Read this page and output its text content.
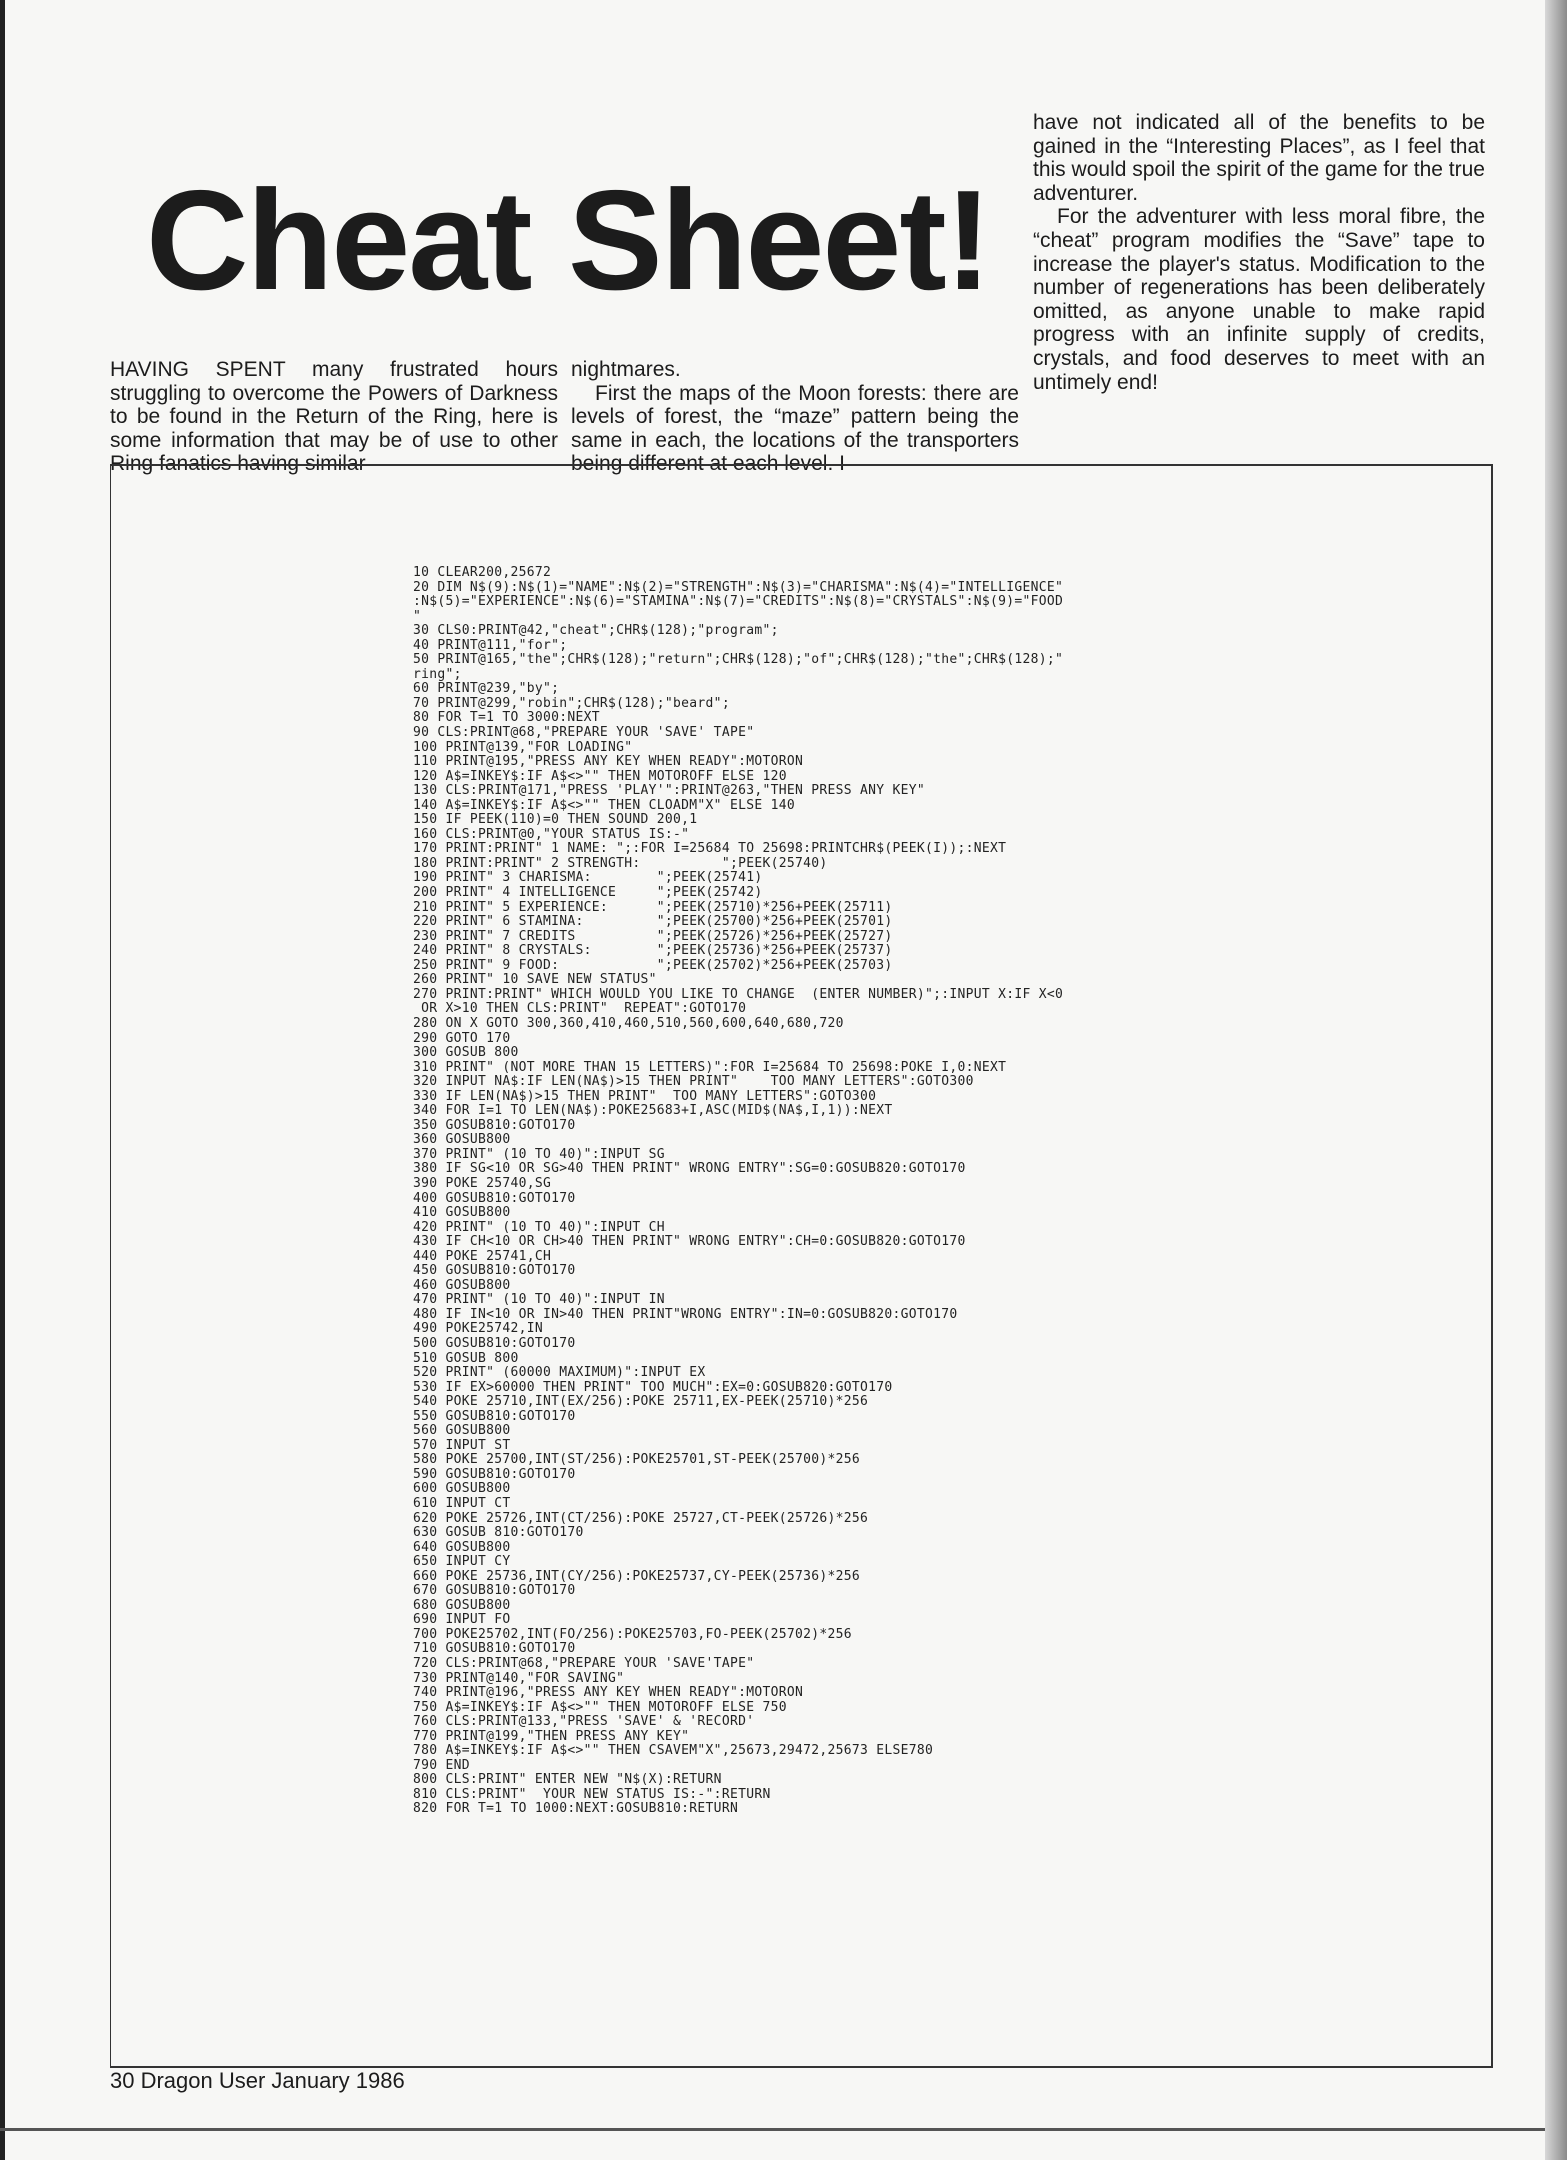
Cheat Sheet!

HAVING SPENT many frustrated hours struggling to overcome the Powers of Darkness to be found in the Return of the Ring, here is some information that may be of use to other Ring fanatics having similar

nightmares.

First the maps of the Moon forests: there are levels of forest, the “maze” pattern being the same in each, the locations of the transporters being different at each level. I

have not indicated all of the benefits to be gained in the “Interesting Places”, as I feel that this would spoil the spirit of the game for the true adventurer.

For the adventurer with less moral fibre, the “cheat” program modifies the “Save” tape to increase the player's status. Modification to the number of regenerations has been deliberately omitted, as anyone unable to make rapid progress with an infinite supply of credits, crystals, and food deserves to meet with an untimely end!

10 CLEAR200,25672
20 DIM N$(9):N$(1)="NAME":N$(2)="STRENGTH":N$(3)="CHARISMA":N$(4)="INTELLIGENCE"
:N$(5)="EXPERIENCE":N$(6)="STAMINA":N$(7)="CREDITS":N$(8)="CRYSTALS":N$(9)="FOOD
"
30 CLS0:PRINT@42,"cheat";CHR$(128);"program";
40 PRINT@111,"for";
50 PRINT@165,"the";CHR$(128);"return";CHR$(128);"of";CHR$(128);"the";CHR$(128);"
ring";
60 PRINT@239,"by";
70 PRINT@299,"robin";CHR$(128);"beard";
80 FOR T=1 TO 3000:NEXT
90 CLS:PRINT@68,"PREPARE YOUR 'SAVE' TAPE"
100 PRINT@139,"FOR LOADING"
110 PRINT@195,"PRESS ANY KEY WHEN READY":MOTORON
120 A$=INKEY$:IF A$<>"" THEN MOTOROFF ELSE 120
130 CLS:PRINT@171,"PRESS 'PLAY'":PRINT@263,"THEN PRESS ANY KEY"
140 A$=INKEY$:IF A$<>"" THEN CLOADM"X" ELSE 140
150 IF PEEK(110)=0 THEN SOUND 200,1
160 CLS:PRINT@0,"YOUR STATUS IS:-"
170 PRINT:PRINT" 1 NAME: ";:FOR I=25684 TO 25698:PRINTCHR$(PEEK(I));:NEXT
180 PRINT:PRINT" 2 STRENGTH:          ";PEEK(25740)
190 PRINT" 3 CHARISMA:        ";PEEK(25741)
200 PRINT" 4 INTELLIGENCE     ";PEEK(25742)
210 PRINT" 5 EXPERIENCE:      ";PEEK(25710)*256+PEEK(25711)
220 PRINT" 6 STAMINA:         ";PEEK(25700)*256+PEEK(25701)
230 PRINT" 7 CREDITS          ";PEEK(25726)*256+PEEK(25727)
240 PRINT" 8 CRYSTALS:        ";PEEK(25736)*256+PEEK(25737)
250 PRINT" 9 FOOD:            ";PEEK(25702)*256+PEEK(25703)
260 PRINT" 10 SAVE NEW STATUS"
270 PRINT:PRINT" WHICH WOULD YOU LIKE TO CHANGE  (ENTER NUMBER)";:INPUT X:IF X<0
OR X>10 THEN CLS:PRINT"  REPEAT":GOTO170
280 ON X GOTO 300,360,410,460,510,560,600,640,680,720
290 GOTO 170
300 GOSUB 800
310 PRINT" (NOT MORE THAN 15 LETTERS)":FOR I=25684 TO 25698:POKE I,0:NEXT
320 INPUT NA$:IF LEN(NA$)>15 THEN PRINT"    TOO MANY LETTERS":GOTO300
330 IF LEN(NA$)>15 THEN PRINT"  TOO MANY LETTERS":GOTO300
340 FOR I=1 TO LEN(NA$):POKE25683+I,ASC(MID$(NA$,I,1)):NEXT
350 GOSUB810:GOTO170
360 GOSUB800
370 PRINT" (10 TO 40)":INPUT SG
380 IF SG<10 OR SG>40 THEN PRINT" WRONG ENTRY":SG=0:GOSUB820:GOTO170
390 POKE 25740,SG
400 GOSUB810:GOTO170
410 GOSUB800
420 PRINT" (10 TO 40)":INPUT CH
430 IF CH<10 OR CH>40 THEN PRINT" WRONG ENTRY":CH=0:GOSUB820:GOTO170
440 POKE 25741,CH
450 GOSUB810:GOTO170
460 GOSUB800
470 PRINT" (10 TO 40)":INPUT IN
480 IF IN<10 OR IN>40 THEN PRINT"WRONG ENTRY":IN=0:GOSUB820:GOTO170
490 POKE25742,IN
500 GOSUB810:GOTO170
510 GOSUB 800
520 PRINT" (60000 MAXIMUM)":INPUT EX
530 IF EX>60000 THEN PRINT" TOO MUCH":EX=0:GOSUB820:GOTO170
540 POKE 25710,INT(EX/256):POKE 25711,EX-PEEK(25710)*256
550 GOSUB810:GOTO170
560 GOSUB800
570 INPUT ST
580 POKE 25700,INT(ST/256):POKE25701,ST-PEEK(25700)*256
590 GOSUB810:GOTO170
600 GOSUB800
610 INPUT CT
620 POKE 25726,INT(CT/256):POKE 25727,CT-PEEK(25726)*256
630 GOSUB 810:GOTO170
640 GOSUB800
650 INPUT CY
660 POKE 25736,INT(CY/256):POKE25737,CY-PEEK(25736)*256
670 GOSUB810:GOTO170
680 GOSUB800
690 INPUT FO
700 POKE25702,INT(FO/256):POKE25703,FO-PEEK(25702)*256
710 GOSUB810:GOTO170
720 CLS:PRINT@68,"PREPARE YOUR 'SAVE'TAPE"
730 PRINT@140,"FOR SAVING"
740 PRINT@196,"PRESS ANY KEY WHEN READY":MOTORON
750 A$=INKEY$:IF A$<>"" THEN MOTOROFF ELSE 750
760 CLS:PRINT@133,"PRESS 'SAVE' & 'RECORD'
770 PRINT@199,"THEN PRESS ANY KEY"
780 A$=INKEY$:IF A$<>"" THEN CSAVEM"X",25673,29472,25673 ELSE780
790 END
800 CLS:PRINT" ENTER NEW "N$(X):RETURN
810 CLS:PRINT"  YOUR NEW STATUS IS:-":RETURN
820 FOR T=1 TO 1000:NEXT:GOSUB810:RETURN
30 Dragon User January 1986
